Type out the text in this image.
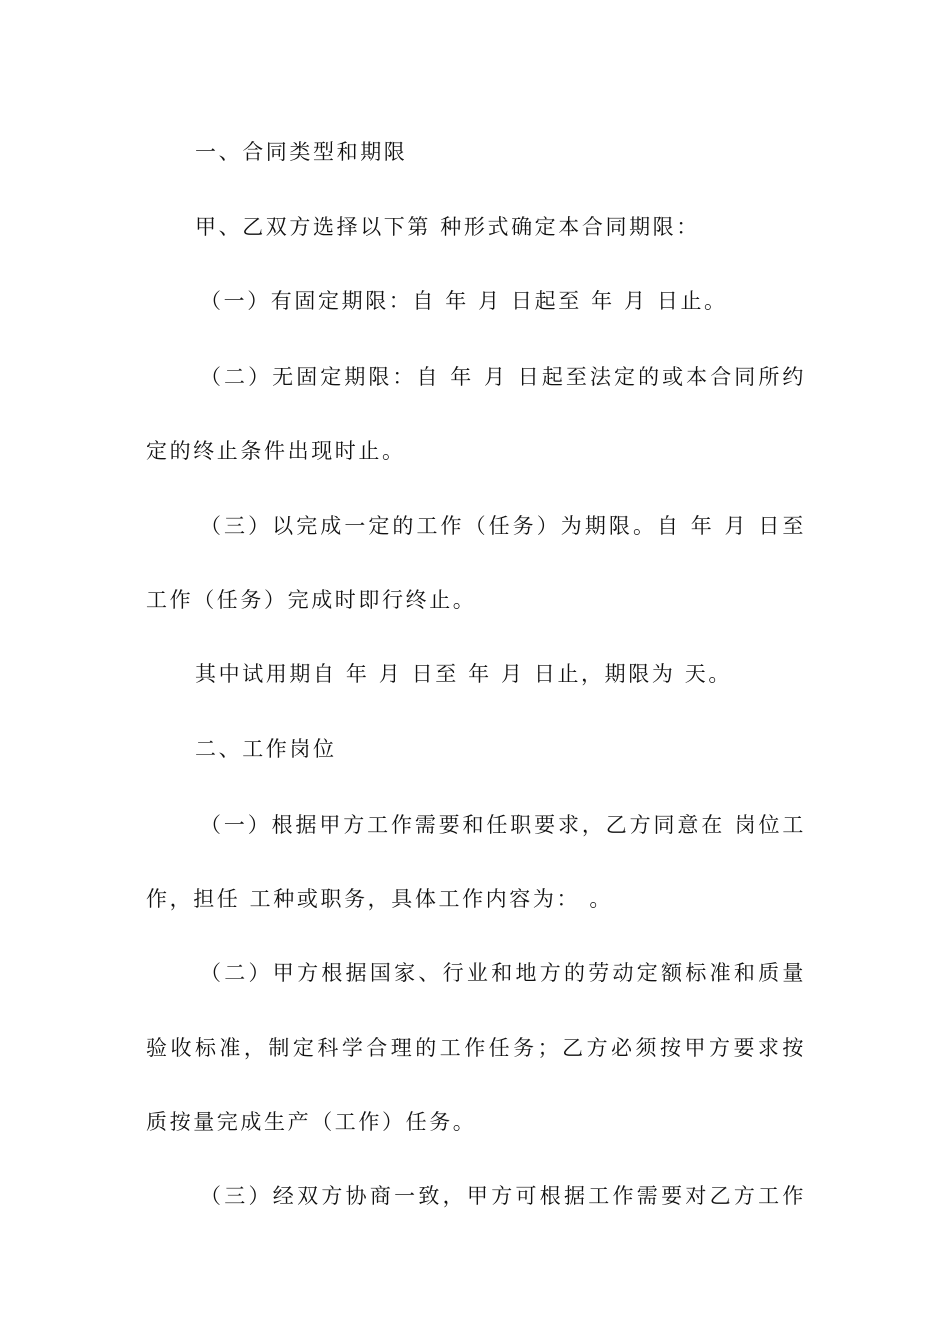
一、合同类型和期限
甲、乙双方选择以下第 种形式确定本合同期限：
（一）有固定期限：自 年 月 日起至 年 月 日止。
（二）无固定期限：自 年 月 日起至法定的或本合同所约
定的终止条件出现时止。
（三）以完成一定的工作（任务）为期限。自 年 月 日至
工作（任务）完成时即行终止。
其中试用期自 年 月 日至 年 月 日止，期限为 天。
二、工作岗位
（一）根据甲方工作需要和任职要求，乙方同意在 岗位工
作，担任 工种或职务，具体工作内容为： 。
（二）甲方根据国家、行业和地方的劳动定额标准和质量
验收标准，制定科学合理的工作任务；乙方必须按甲方要求按
质按量完成生产（工作）任务。
（三）经双方协商一致，甲方可根据工作需要对乙方工作
